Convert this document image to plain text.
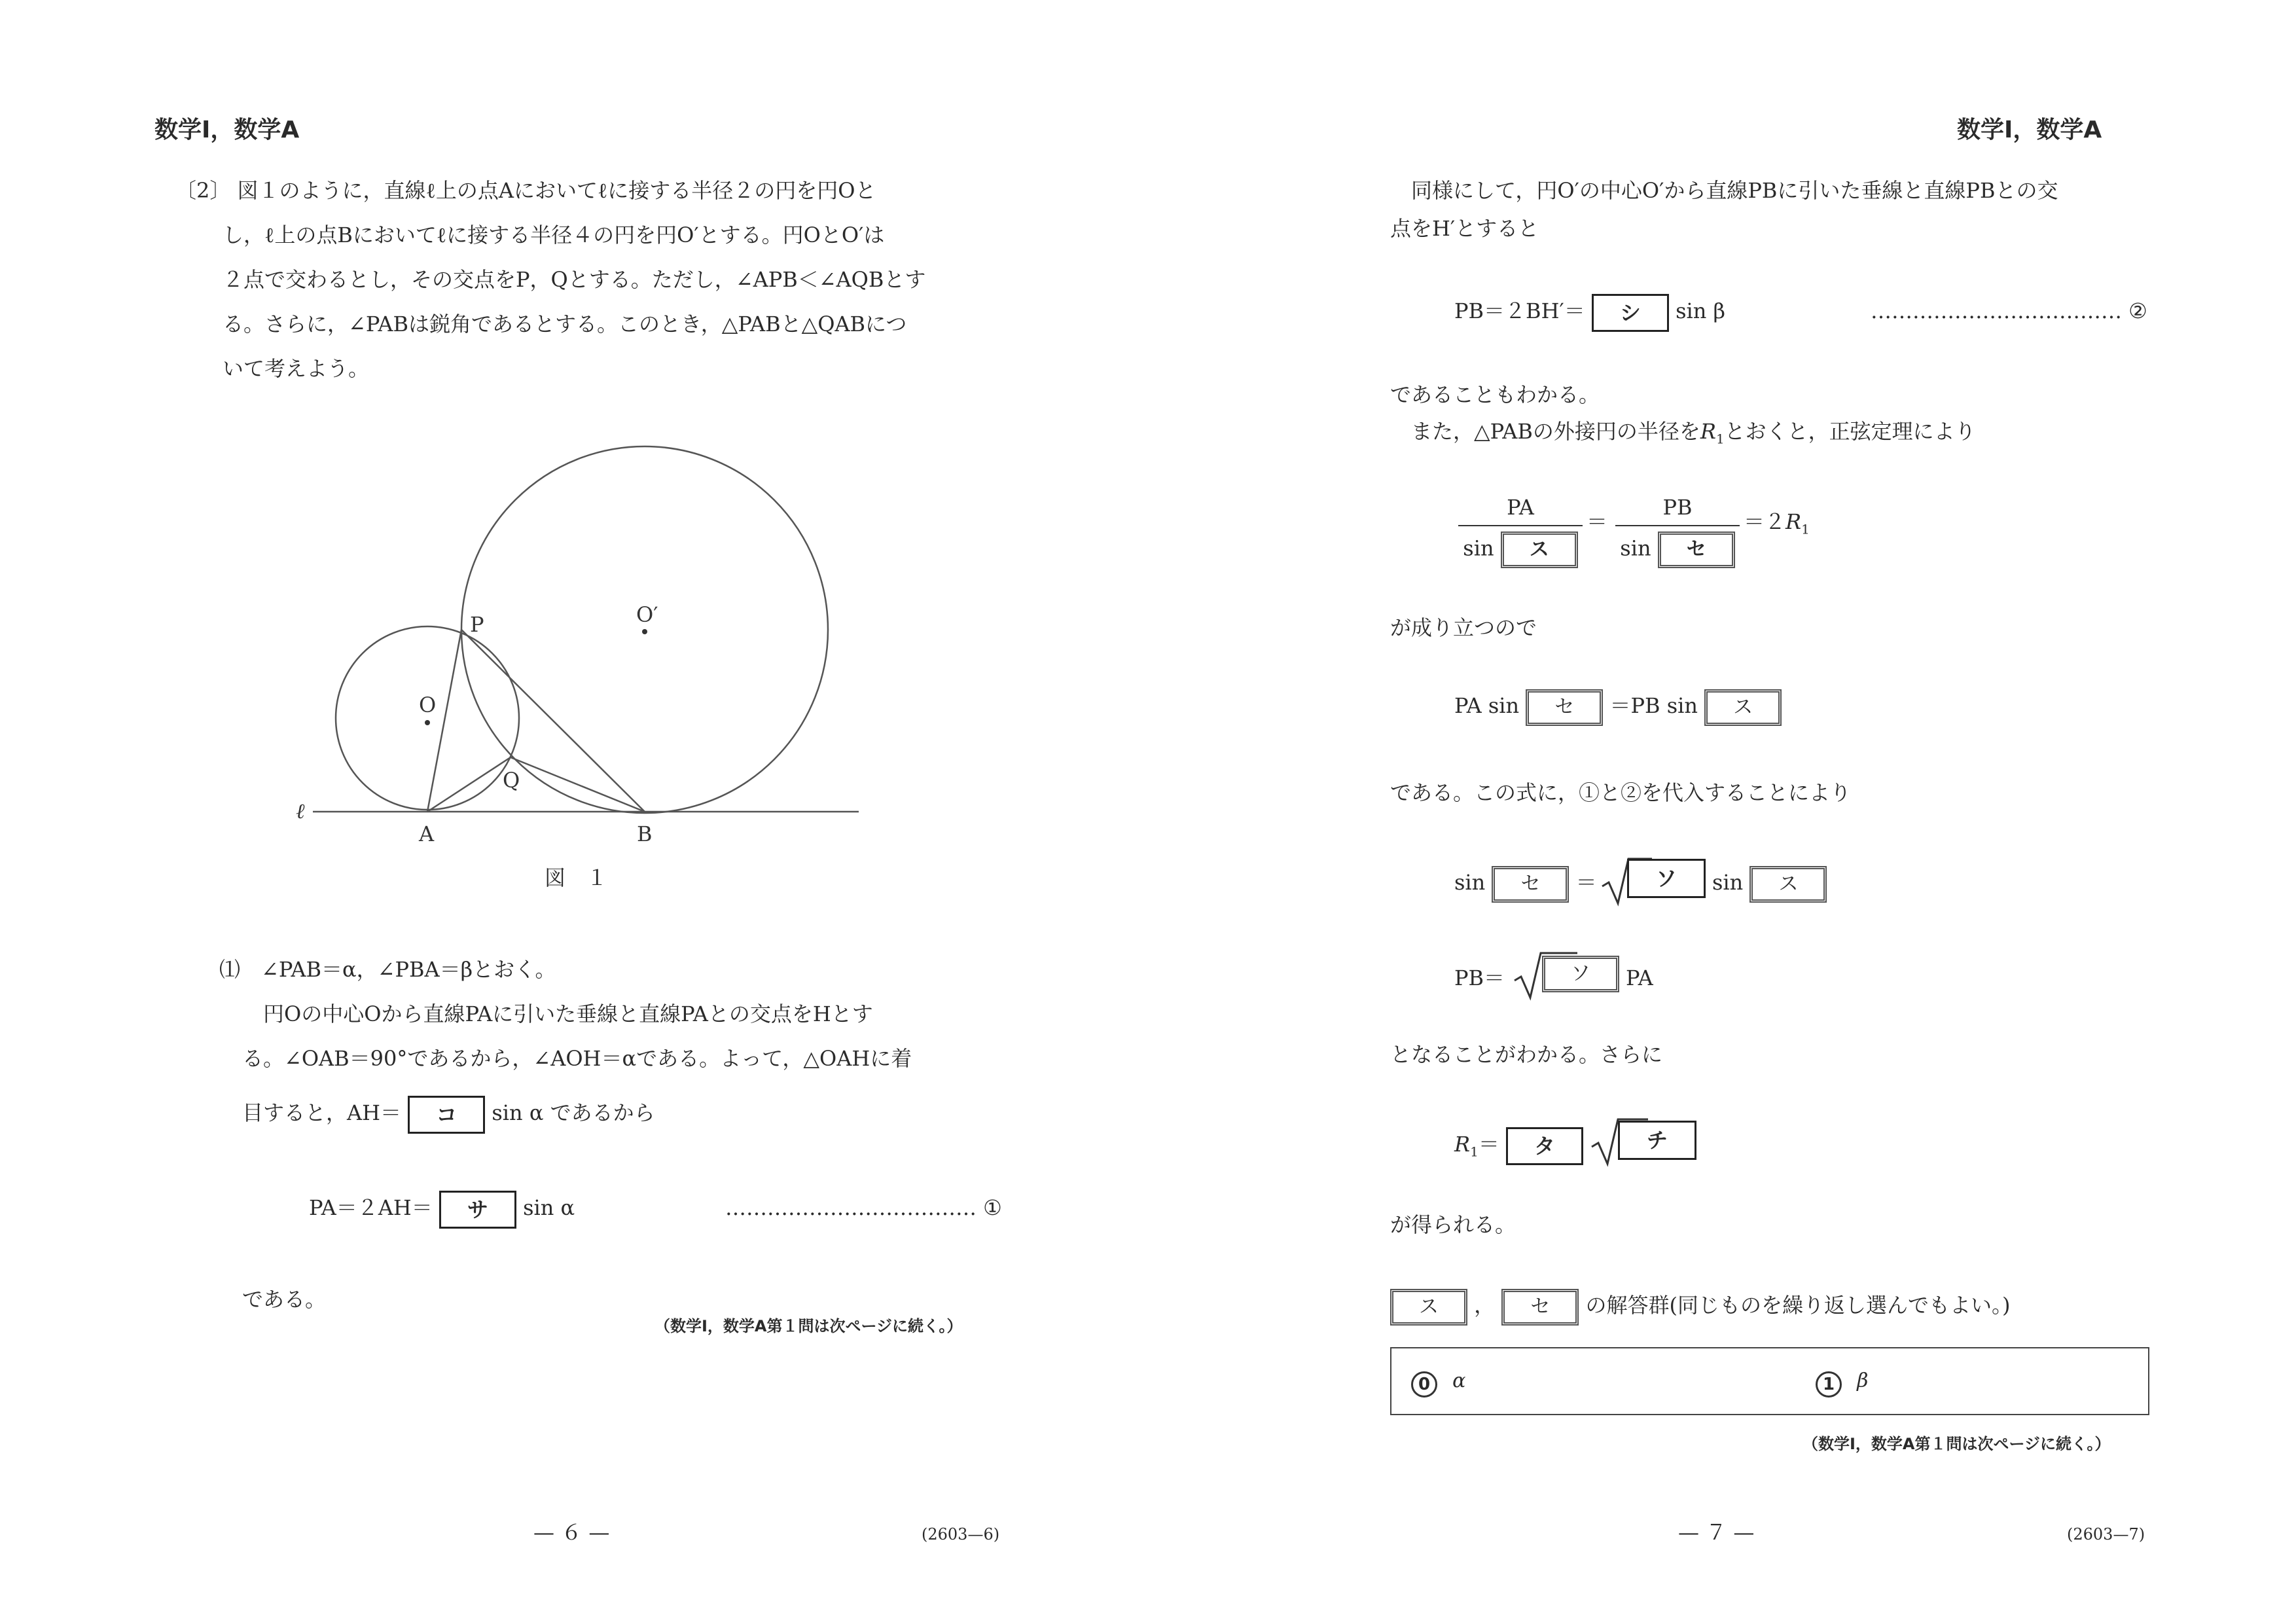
数学Ⅰ，数学A
〔2〕 図１のように，直線ℓ上の点Aにおいてℓに接する半径２の円を円Oと
し，ℓ上の点Bにおいてℓに接する半径４の円を円O′とする。円OとO′は
２点で交わるとし，その交点をP，Qとする。ただし，∠APB＜∠AQBとす
る。さらに，∠PABは鋭角であるとする。このとき，△PABと△QABにつ
いて考えよう。
P
Q
O
O′
A	B
ℓ
図　１
⑴　∠PAB＝α，∠PBA＝βとおく。
円Oの中心Oから直線PAに引いた垂線と直線PAとの交点をHとす
る。∠OAB＝90°であるから，∠AOH＝αである。よって，△OAHに着
目すると，AH＝ コ sin α であるから
PA＝２AH＝ サ sin α	……………………………… ①
である。
（数学Ⅰ，数学A第１問は次ページに続く。）
— ６ —	(2603—6)
数学Ⅰ，数学A
同様にして，円O′の中心O′から直線PBに引いた垂線と直線PBとの交
点をH′とすると
PB＝２BH′＝ シ sin β	……………………………… ②
であることもわかる。
また，△PABの外接円の半径を$R_1$とおくと，正弦定理により
PA
sin ス
＝
PB
sin セ
$=2R_1$
が成り立つので
PA sin セ ＝PB sin ス
である。この式に，①と②を代入することにより
sin セ ＝	ソ	sin ス
PB＝	ソ	PA
となることがわかる。さらに
$R_1=$ タ	チ
が得られる。
ス ， セ の解答群(同じものを繰り返し選んでもよい。)
0 α	1 β
（数学Ⅰ，数学A第１問は次ページに続く。）
— ７ —	(2603—7)
